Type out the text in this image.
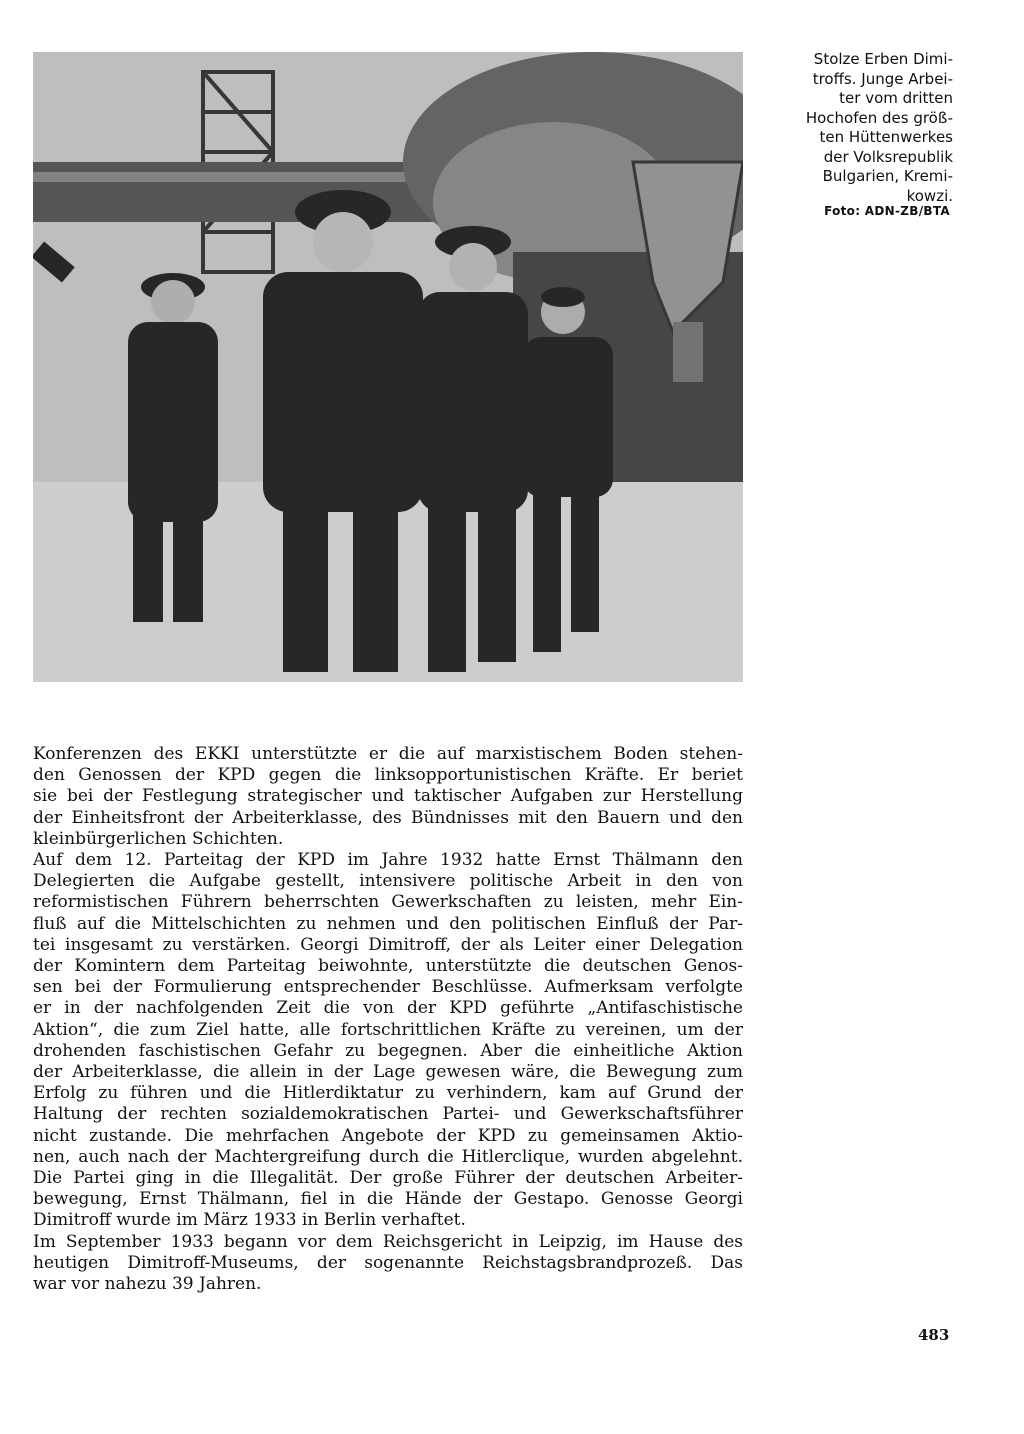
Stolze Erben Dimi-
troffs. Junge Arbei-
ter vom dritten
Hochofen des größ-
ten Hüttenwerkes
der Volksrepublik
Bulgarien, Kremi-
kowzi.
Foto: ADN-ZB/BTA

Konferenzen des EKKI unterstützte er die auf marxistischem Boden stehen-
den Genossen der KPD gegen die linksopportunistischen Kräfte. Er beriet
sie bei der Festlegung strategischer und taktischer Aufgaben zur Herstellung
der Einheitsfront der Arbeiterklasse, des Bündnisses mit den Bauern und den
kleinbürgerlichen Schichten.

Auf dem 12. Parteitag der KPD im Jahre 1932 hatte Ernst Thälmann den
Delegierten die Aufgabe gestellt, intensivere politische Arbeit in den von
reformistischen Führern beherrschten Gewerkschaften zu leisten, mehr Ein-
fluß auf die Mittelschichten zu nehmen und den politischen Einfluß der Par-
tei insgesamt zu verstärken. Georgi Dimitroff, der als Leiter einer Delegation
der Komintern dem Parteitag beiwohnte, unterstützte die deutschen Genos-
sen bei der Formulierung entsprechender Beschlüsse. Aufmerksam verfolgte
er in der nachfolgenden Zeit die von der KPD geführte „Antifaschistische
Aktion“, die zum Ziel hatte, alle fortschrittlichen Kräfte zu vereinen, um der
drohenden faschistischen Gefahr zu begegnen. Aber die einheitliche Aktion
der Arbeiterklasse, die allein in der Lage gewesen wäre, die Bewegung zum
Erfolg zu führen und die Hitlerdiktatur zu verhindern, kam auf Grund der
Haltung der rechten sozialdemokratischen Partei- und Gewerkschaftsführer
nicht zustande. Die mehrfachen Angebote der KPD zu gemeinsamen Aktio-
nen, auch nach der Machtergreifung durch die Hitlerclique, wurden abgelehnt.
Die Partei ging in die Illegalität. Der große Führer der deutschen Arbeiter-
bewegung, Ernst Thälmann, fiel in die Hände der Gestapo. Genosse Georgi
Dimitroff wurde im März 1933 in Berlin verhaftet.

Im September 1933 begann vor dem Reichsgericht in Leipzig, im Hause des
heutigen Dimitroff-Museums, der sogenannte Reichstagsbrandprozeß. Das
war vor nahezu 39 Jahren.

483
